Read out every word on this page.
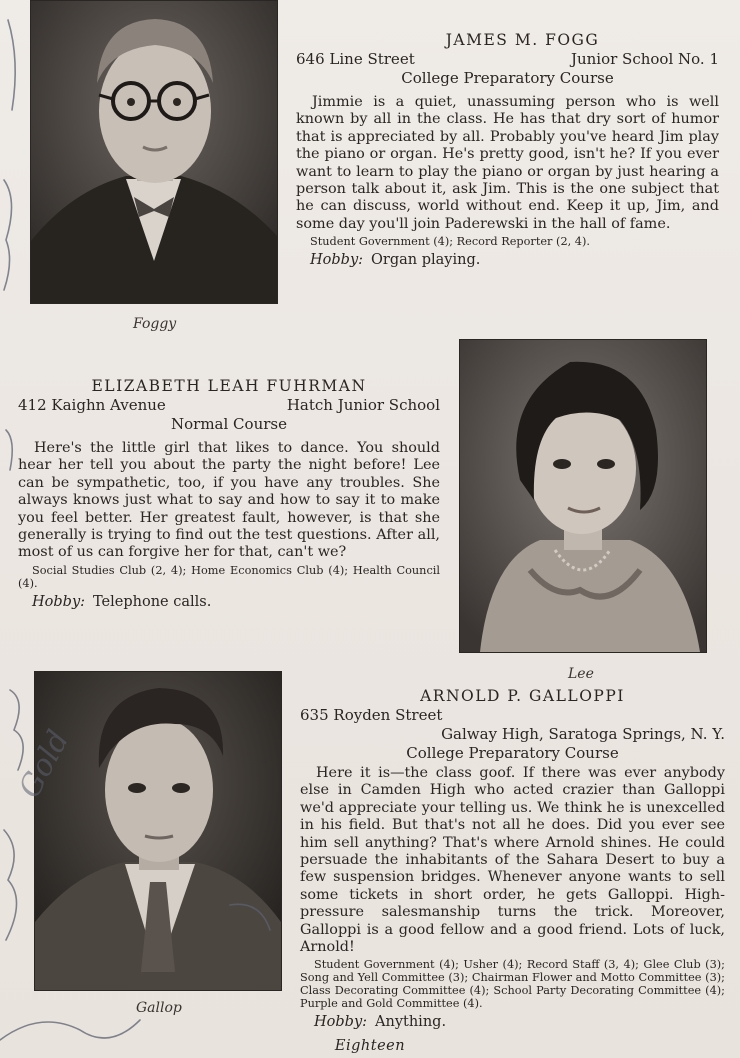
Foggy
JAMES M. FOGG
646 Line Street	Junior School No. 1
College Preparatory Course

Jimmie is a quiet, unassuming person who is well known by all in the class. He has that dry sort of humor that is appreciated by all. Probably you've heard Jim play the piano or organ. He's pretty good, isn't he? If you ever want to learn to play the piano or organ by just hearing a person talk about it, ask Jim. This is the one subject that he can discuss, world without end. Keep it up, Jim, and some day you'll join Paderewski in the hall of fame.

Student Government (4); Record Reporter (2, 4).

Hobby: Organ playing.
ELIZABETH LEAH FUHRMAN
412 Kaighn Avenue	Hatch Junior School
Normal Course

Here's the little girl that likes to dance. You should hear her tell you about the party the night before! Lee can be sympathetic, too, if you have any troubles. She always knows just what to say and how to say it to make you feel better. Her greatest fault, however, is that she generally is trying to find out the test questions. After all, most of us can forgive her for that, can't we?

Social Studies Club (2, 4); Home Economics Club (4); Health Council (4).

Hobby: Telephone calls.
Lee
Gallop
ARNOLD P. GALLOPPI
635 Royden Street
Galway High, Saratoga Springs, N. Y.
College Preparatory Course

Here it is—the class goof. If there was ever anybody else in Camden High who acted crazier than Galloppi we'd appreciate your telling us. We think he is unexcelled in his field. But that's not all he does. Did you ever see him sell anything? That's where Arnold shines. He could persuade the inhabitants of the Sahara Desert to buy a few suspension bridges. Whenever anyone wants to sell some tickets in short order, he gets Galloppi. High-pressure salesmanship turns the trick. Moreover, Galloppi is a good fellow and a good friend. Lots of luck, Arnold!

Student Government (4); Usher (4); Record Staff (3, 4); Glee Club (3); Song and Yell Committee (3); Chairman Flower and Motto Committee (3); Class Decorating Committee (4); School Party Decorating Committee (4); Purple and Gold Committee (4).

Hobby: Anything.
Eighteen
Gold
